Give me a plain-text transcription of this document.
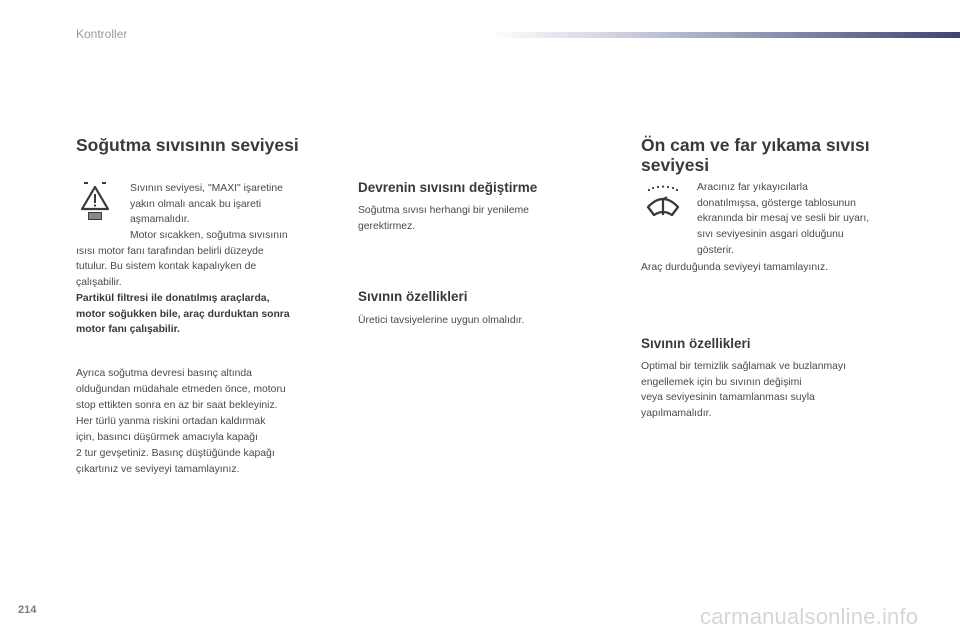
Kontroller
Soğutma sıvısının seviyesi

Sıvının seviyesi, "MAXI" işaretine

yakın olmalı ancak bu işareti

aşmamalıdır.

Motor sıcakken, soğutma sıvısının

ısısı motor fanı tarafından belirli düzeyde

tutulur. Bu sistem kontak kapalıyken de

çalışabilir.

Partikül filtresi ile donatılmış araçlarda,

motor soğukken bile, araç durduktan sonra

motor fanı çalışabilir.

Ayrıca soğutma devresi basınç altında

olduğundan müdahale etmeden önce, motoru

stop ettikten sonra en az bir saat bekleyiniz.

Her türlü yanma riskini ortadan kaldırmak

için, basıncı düşürmek amacıyla kapağı

2 tur gevşetiniz. Basınç düştüğünde kapağı

çıkartınız ve seviyeyi tamamlayınız.

Devrenin sıvısını değiştirme

Soğutma sıvısı herhangi bir yenileme

gerektirmez.

Sıvının özellikleri

Üretici tavsiyelerine uygun olmalıdır.

Ön cam ve far yıkama sıvısı
seviyesi

Aracınız far yıkayıcılarla

donatılmışsa, gösterge tablosunun

ekranında bir mesaj ve sesli bir uyarı,

sıvı seviyesinin asgari olduğunu

gösterir.

Araç durduğunda seviyeyi tamamlayınız.

Sıvının özellikleri

Optimal bir temizlik sağlamak ve buzlanmayı

engellemek için bu sıvının değişimi

veya seviyesinin tamamlanması suyla

yapılmamalıdır.

214	carmanualsonline.info
